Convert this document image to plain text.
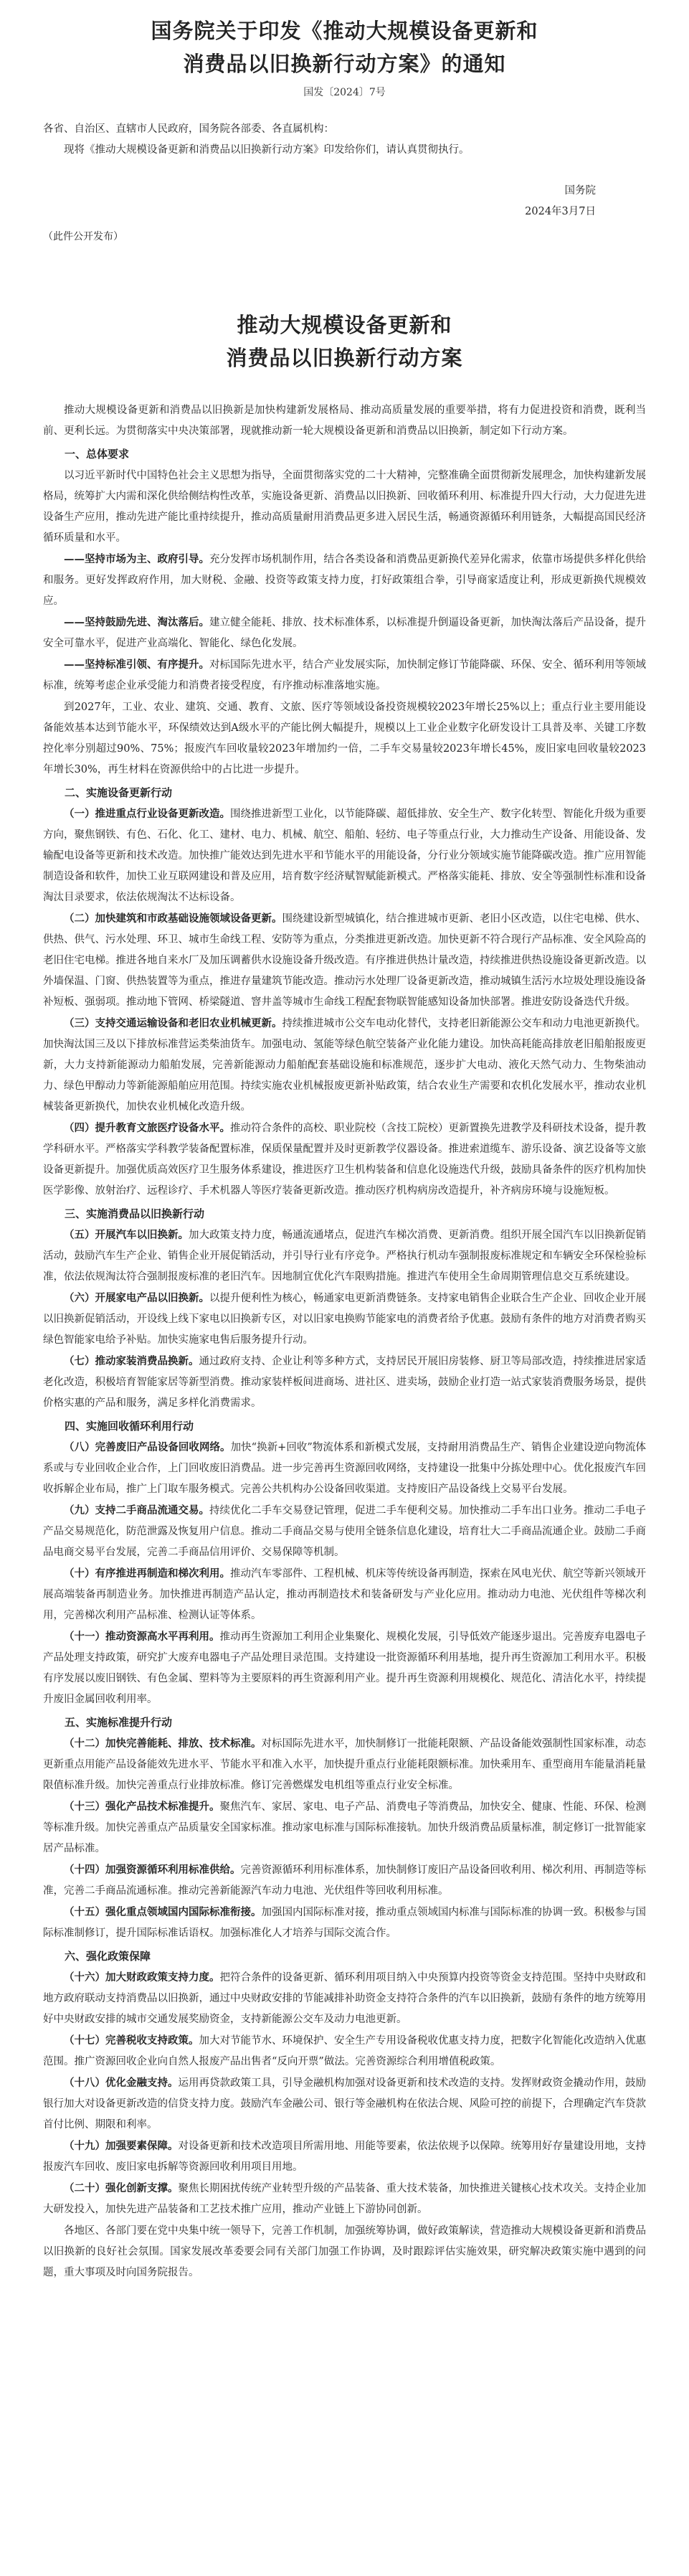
国务院关于印发《推动大规模设备更新和
消费品以旧换新行动方案》的通知
国发〔2024〕7号

各省、自治区、直辖市人民政府，国务院各部委、各直属机构：

现将《推动大规模设备更新和消费品以旧换新行动方案》印发给你们，请认真贯彻执行。

国务院

2024年3月7日

（此件公开发布）

推动大规模设备更新和
消费品以旧换新行动方案

推动大规模设备更新和消费品以旧换新是加快构建新发展格局、推动高质量发展的重要举措，将有力促进投资和消费，既利当前、更利长远。为贯彻落实中央决策部署，现就推动新一轮大规模设备更新和消费品以旧换新，制定如下行动方案。

一、总体要求

以习近平新时代中国特色社会主义思想为指导，全面贯彻落实党的二十大精神，完整准确全面贯彻新发展理念，加快构建新发展格局，统筹扩大内需和深化供给侧结构性改革，实施设备更新、消费品以旧换新、回收循环利用、标准提升四大行动，大力促进先进设备生产应用，推动先进产能比重持续提升，推动高质量耐用消费品更多进入居民生活，畅通资源循环利用链条，大幅提高国民经济循环质量和水平。

——坚持市场为主、政府引导。充分发挥市场机制作用，结合各类设备和消费品更新换代差异化需求，依靠市场提供多样化供给和服务。更好发挥政府作用，加大财税、金融、投资等政策支持力度，打好政策组合拳，引导商家适度让利，形成更新换代规模效应。

——坚持鼓励先进、淘汰落后。建立健全能耗、排放、技术标准体系，以标准提升倒逼设备更新，加快淘汰落后产品设备，提升安全可靠水平，促进产业高端化、智能化、绿色化发展。

——坚持标准引领、有序提升。对标国际先进水平，结合产业发展实际，加快制定修订节能降碳、环保、安全、循环利用等领域标准，统筹考虑企业承受能力和消费者接受程度，有序推动标准落地实施。

到2027年，工业、农业、建筑、交通、教育、文旅、医疗等领域设备投资规模较2023年增长25%以上；重点行业主要用能设备能效基本达到节能水平，环保绩效达到A级水平的产能比例大幅提升，规模以上工业企业数字化研发设计工具普及率、关键工序数控化率分别超过90%、75%；报废汽车回收量较2023年增加约一倍，二手车交易量较2023年增长45%，废旧家电回收量较2023年增长30%，再生材料在资源供给中的占比进一步提升。

二、实施设备更新行动

（一）推进重点行业设备更新改造。围绕推进新型工业化，以节能降碳、超低排放、安全生产、数字化转型、智能化升级为重要方向，聚焦钢铁、有色、石化、化工、建材、电力、机械、航空、船舶、轻纺、电子等重点行业，大力推动生产设备、用能设备、发输配电设备等更新和技术改造。加快推广能效达到先进水平和节能水平的用能设备，分行业分领域实施节能降碳改造。推广应用智能制造设备和软件，加快工业互联网建设和普及应用，培育数字经济赋智赋能新模式。严格落实能耗、排放、安全等强制性标准和设备淘汰目录要求，依法依规淘汰不达标设备。

（二）加快建筑和市政基础设施领域设备更新。围绕建设新型城镇化，结合推进城市更新、老旧小区改造，以住宅电梯、供水、供热、供气、污水处理、环卫、城市生命线工程、安防等为重点，分类推进更新改造。加快更新不符合现行产品标准、安全风险高的老旧住宅电梯。推进各地自来水厂及加压调蓄供水设施设备升级改造。有序推进供热计量改造，持续推进供热设施设备更新改造。以外墙保温、门窗、供热装置等为重点，推进存量建筑节能改造。推动污水处理厂设备更新改造，推动城镇生活污水垃圾处理设施设备补短板、强弱项。推动地下管网、桥梁隧道、窨井盖等城市生命线工程配套物联智能感知设备加快部署。推进安防设备迭代升级。

（三）支持交通运输设备和老旧农业机械更新。持续推进城市公交车电动化替代，支持老旧新能源公交车和动力电池更新换代。加快淘汰国三及以下排放标准营运类柴油货车。加强电动、氢能等绿色航空装备产业化能力建设。加快高耗能高排放老旧船舶报废更新，大力支持新能源动力船舶发展，完善新能源动力船舶配套基础设施和标准规范，逐步扩大电动、液化天然气动力、生物柴油动力、绿色甲醇动力等新能源船舶应用范围。持续实施农业机械报废更新补贴政策，结合农业生产需要和农机化发展水平，推动农业机械装备更新换代，加快农业机械化改造升级。

（四）提升教育文旅医疗设备水平。推动符合条件的高校、职业院校（含技工院校）更新置换先进教学及科研技术设备，提升教学科研水平。严格落实学科教学装备配置标准，保质保量配置并及时更新教学仪器设备。推进索道缆车、游乐设备、演艺设备等文旅设备更新提升。加强优质高效医疗卫生服务体系建设，推进医疗卫生机构装备和信息化设施迭代升级，鼓励具备条件的医疗机构加快医学影像、放射治疗、远程诊疗、手术机器人等医疗装备更新改造。推动医疗机构病房改造提升，补齐病房环境与设施短板。

三、实施消费品以旧换新行动

（五）开展汽车以旧换新。加大政策支持力度，畅通流通堵点，促进汽车梯次消费、更新消费。组织开展全国汽车以旧换新促销活动，鼓励汽车生产企业、销售企业开展促销活动，并引导行业有序竞争。严格执行机动车强制报废标准规定和车辆安全环保检验标准，依法依规淘汰符合强制报废标准的老旧汽车。因地制宜优化汽车限购措施。推进汽车使用全生命周期管理信息交互系统建设。

（六）开展家电产品以旧换新。以提升便利性为核心，畅通家电更新消费链条。支持家电销售企业联合生产企业、回收企业开展以旧换新促销活动，开设线上线下家电以旧换新专区，对以旧家电换购节能家电的消费者给予优惠。鼓励有条件的地方对消费者购买绿色智能家电给予补贴。加快实施家电售后服务提升行动。

（七）推动家装消费品换新。通过政府支持、企业让利等多种方式，支持居民开展旧房装修、厨卫等局部改造，持续推进居家适老化改造，积极培育智能家居等新型消费。推动家装样板间进商场、进社区、进卖场，鼓励企业打造一站式家装消费服务场景，提供价格实惠的产品和服务，满足多样化消费需求。

四、实施回收循环利用行动

（八）完善废旧产品设备回收网络。加快“换新+回收”物流体系和新模式发展，支持耐用消费品生产、销售企业建设逆向物流体系或与专业回收企业合作，上门回收废旧消费品。进一步完善再生资源回收网络，支持建设一批集中分拣处理中心。优化报废汽车回收拆解企业布局，推广上门取车服务模式。完善公共机构办公设备回收渠道。支持废旧产品设备线上交易平台发展。

（九）支持二手商品流通交易。持续优化二手车交易登记管理，促进二手车便利交易。加快推动二手车出口业务。推动二手电子产品交易规范化，防范泄露及恢复用户信息。推动二手商品交易与使用全链条信息化建设，培育壮大二手商品流通企业。鼓励二手商品电商交易平台发展，完善二手商品信用评价、交易保障等机制。

（十）有序推进再制造和梯次利用。推动汽车零部件、工程机械、机床等传统设备再制造，探索在风电光伏、航空等新兴领域开展高端装备再制造业务。加快推进再制造产品认定，推动再制造技术和装备研发与产业化应用。推动动力电池、光伏组件等梯次利用，完善梯次利用产品标准、检测认证等体系。

（十一）推动资源高水平再利用。推动再生资源加工利用企业集聚化、规模化发展，引导低效产能逐步退出。完善废弃电器电子产品处理支持政策，研究扩大废弃电器电子产品处理目录范围。支持建设一批资源循环利用基地，提升再生资源加工利用水平。积极有序发展以废旧钢铁、有色金属、塑料等为主要原料的再生资源利用产业。提升再生资源利用规模化、规范化、清洁化水平，持续提升废旧金属回收利用率。

五、实施标准提升行动

（十二）加快完善能耗、排放、技术标准。对标国际先进水平，加快制修订一批能耗限额、产品设备能效强制性国家标准，动态更新重点用能产品设备能效先进水平、节能水平和准入水平，加快提升重点行业能耗限额标准。加快乘用车、重型商用车能量消耗量限值标准升级。加快完善重点行业排放标准。修订完善燃煤发电机组等重点行业安全标准。

（十三）强化产品技术标准提升。聚焦汽车、家居、家电、电子产品、消费电子等消费品，加快安全、健康、性能、环保、检测等标准升级。加快完善重点产品质量安全国家标准。推动家电标准与国际标准接轨。加快升级消费品质量标准，制定修订一批智能家居产品标准。

（十四）加强资源循环利用标准供给。完善资源循环利用标准体系，加快制修订废旧产品设备回收利用、梯次利用、再制造等标准，完善二手商品流通标准。推动完善新能源汽车动力电池、光伏组件等回收利用标准。

（十五）强化重点领域国内国际标准衔接。加强国内国际标准对接，推动重点领域国内标准与国际标准的协调一致。积极参与国际标准制修订，提升国际标准话语权。加强标准化人才培养与国际交流合作。

六、强化政策保障

（十六）加大财政政策支持力度。把符合条件的设备更新、循环利用项目纳入中央预算内投资等资金支持范围。坚持中央财政和地方政府联动支持消费品以旧换新，通过中央财政安排的节能减排补助资金支持符合条件的汽车以旧换新，鼓励有条件的地方统筹用好中央财政安排的城市交通发展奖励资金，支持新能源公交车及动力电池更新。

（十七）完善税收支持政策。加大对节能节水、环境保护、安全生产专用设备税收优惠支持力度，把数字化智能化改造纳入优惠范围。推广资源回收企业向自然人报废产品出售者“反向开票”做法。完善资源综合利用增值税政策。

（十八）优化金融支持。运用再贷款政策工具，引导金融机构加强对设备更新和技术改造的支持。发挥财政资金撬动作用，鼓励银行加大对设备更新改造的信贷支持力度。鼓励汽车金融公司、银行等金融机构在依法合规、风险可控的前提下，合理确定汽车贷款首付比例、期限和利率。

（十九）加强要素保障。对设备更新和技术改造项目所需用地、用能等要素，依法依规予以保障。统筹用好存量建设用地，支持报废汽车回收、废旧家电拆解等资源回收利用项目用地。

（二十）强化创新支撑。聚焦长期困扰传统产业转型升级的产品装备、重大技术装备，加快推进关键核心技术攻关。支持企业加大研发投入，加快先进产品装备和工艺技术推广应用，推动产业链上下游协同创新。

各地区、各部门要在党中央集中统一领导下，完善工作机制，加强统筹协调，做好政策解读，营造推动大规模设备更新和消费品以旧换新的良好社会氛围。国家发展改革委要会同有关部门加强工作协调，及时跟踪评估实施效果，研究解决政策实施中遇到的问题，重大事项及时向国务院报告。
